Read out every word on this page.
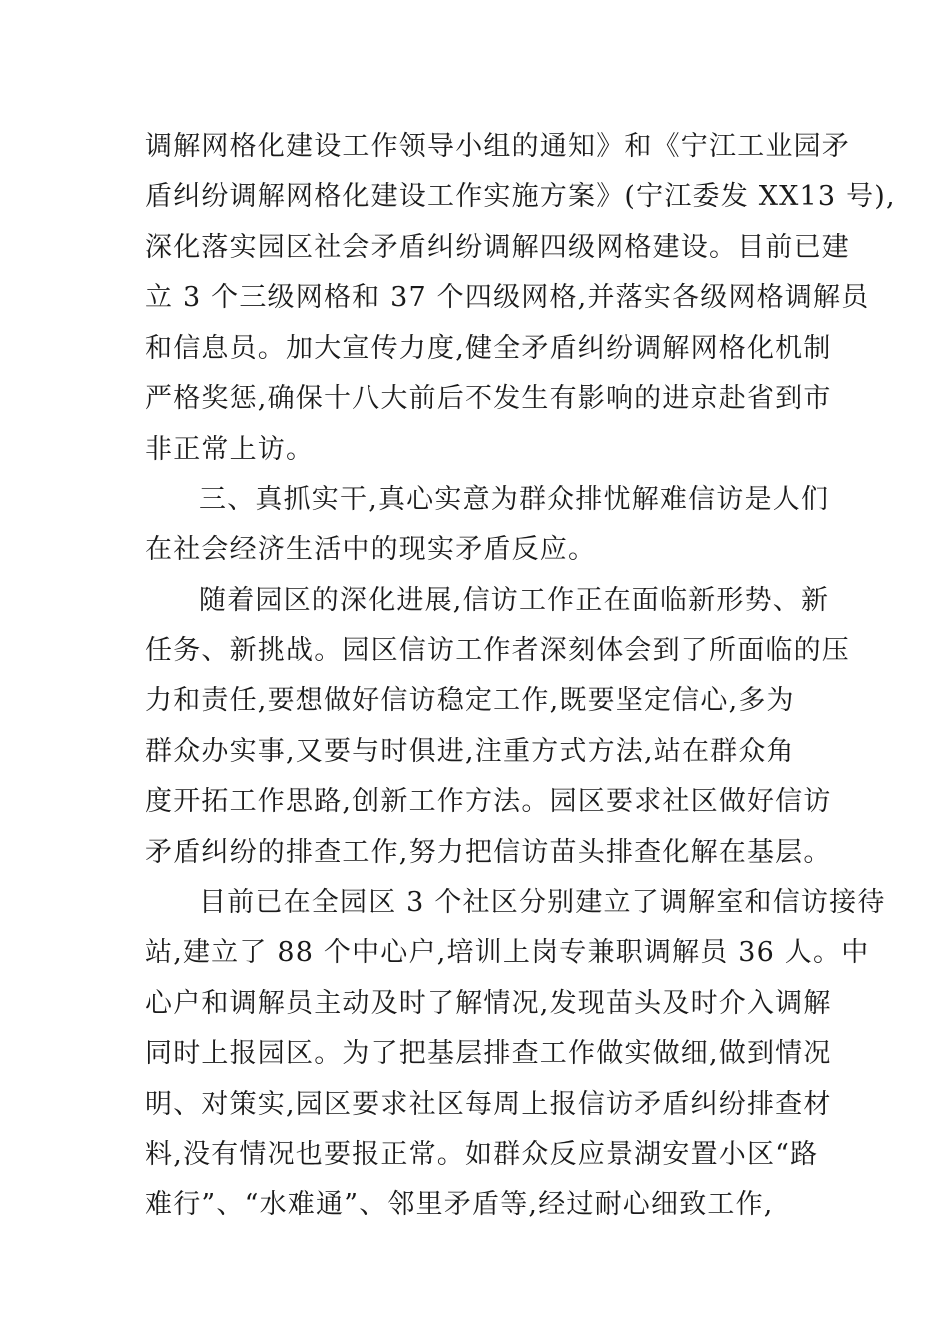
调解网格化建设工作领导小组的通知》和《宁江工业园矛
盾纠纷调解网格化建设工作实施方案》(宁江委发 XX13 号),
深化落实园区社会矛盾纠纷调解四级网格建设。目前已建
立 3 个三级网格和 37 个四级网格,并落实各级网格调解员
和信息员。加大宣传力度,健全矛盾纠纷调解网格化机制
严格奖惩,确保十八大前后不发生有影响的进京赴省到市
非正常上访。
三、真抓实干,真心实意为群众排忧解难信访是人们
在社会经济生活中的现实矛盾反应。
随着园区的深化进展,信访工作正在面临新形势、新
任务、新挑战。园区信访工作者深刻体会到了所面临的压
力和责任,要想做好信访稳定工作,既要坚定信心,多为
群众办实事,又要与时俱进,注重方式方法,站在群众角
度开拓工作思路,创新工作方法。园区要求社区做好信访
矛盾纠纷的排查工作,努力把信访苗头排查化解在基层。
目前已在全园区 3 个社区分别建立了调解室和信访接待
站,建立了 88 个中心户,培训上岗专兼职调解员 36 人。中
心户和调解员主动及时了解情况,发现苗头及时介入调解
同时上报园区。为了把基层排查工作做实做细,做到情况
明、对策实,园区要求社区每周上报信访矛盾纠纷排查材
料,没有情况也要报正常。如群众反应景湖安置小区“路
难行”、“水难通”、邻里矛盾等,经过耐心细致工作,
